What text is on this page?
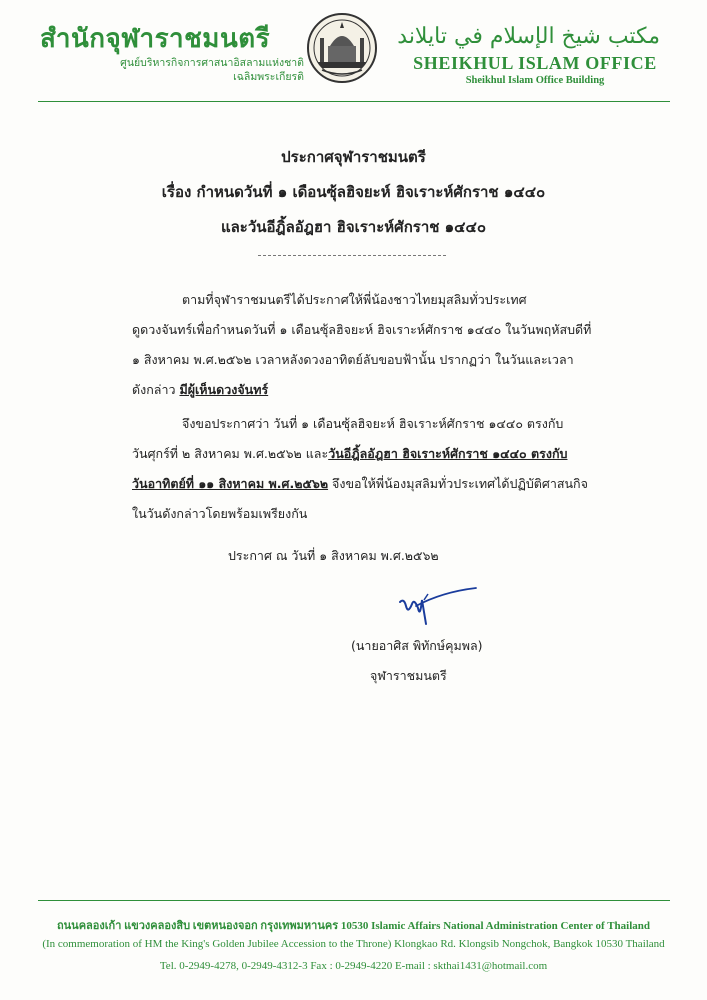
สำนักจุฬาราชมนตรี
ศูนย์บริหารกิจการศาสนาอิสลามแห่งชาติ
เฉลิมพระเกียรติ
مكتب شيخ الإسلام في تايلاند
SHEIKHUL ISLAM OFFICE
Sheikhul Islam Office Building
ประกาศจุฬาราชมนตรี
เรื่อง กำหนดวันที่ ๑ เดือนซุ้ลฮิจยะห์ ฮิจเราะห์ศักราช ๑๔๔๐
และวันอีฎิ้ลอัฎฮา ฮิจเราะห์ศักราช ๑๔๔๐
ตามที่จุฬาราชมนตรีได้ประกาศให้พี่น้องชาวไทยมุสลิมทั่วประเทศ
ดูดวงจันทร์เพื่อกำหนดวันที่ ๑ เดือนซุ้ลฮิจยะห์ ฮิจเราะห์ศักราช ๑๔๔๐ ในวันพฤหัสบดีที่
๑ สิงหาคม พ.ศ.๒๕๖๒ เวลาหลังดวงอาทิตย์ลับขอบฟ้านั้น ปรากฏว่า ในวันและเวลา
ดังกล่าว มีผู้เห็นดวงจันทร์
จึงขอประกาศว่า วันที่ ๑ เดือนซุ้ลฮิจยะห์ ฮิจเราะห์ศักราช ๑๔๔๐ ตรงกับ
วันศุกร์ที่ ๒ สิงหาคม พ.ศ.๒๕๖๒ และวันอีฎิ้ลอัฎฮา ฮิจเราะห์ศักราช ๑๔๔๐ ตรงกับ
วันอาทิตย์ที่ ๑๑ สิงหาคม พ.ศ.๒๕๖๒ จึงขอให้พี่น้องมุสลิมทั่วประเทศได้ปฏิบัติศาสนกิจ
ในวันดังกล่าวโดยพร้อมเพรียงกัน
ประกาศ ณ วันที่ ๑ สิงหาคม พ.ศ.๒๕๖๒
(นายอาศิส พิทักษ์คุมพล)
จุฬาราชมนตรี
ถนนคลองเก้า แขวงคลองสิบ เขตหนองจอก กรุงเทพมหานคร 10530 Islamic Affairs National Administration Center of Thailand
(In commemoration of HM the King's Golden Jubilee Accession to the Throne) Klongkao Rd. Klongsib Nongchok, Bangkok 10530 Thailand
Tel. 0-2949-4278, 0-2949-4312-3 Fax : 0-2949-4220 E-mail : skthai1431@hotmail.com
